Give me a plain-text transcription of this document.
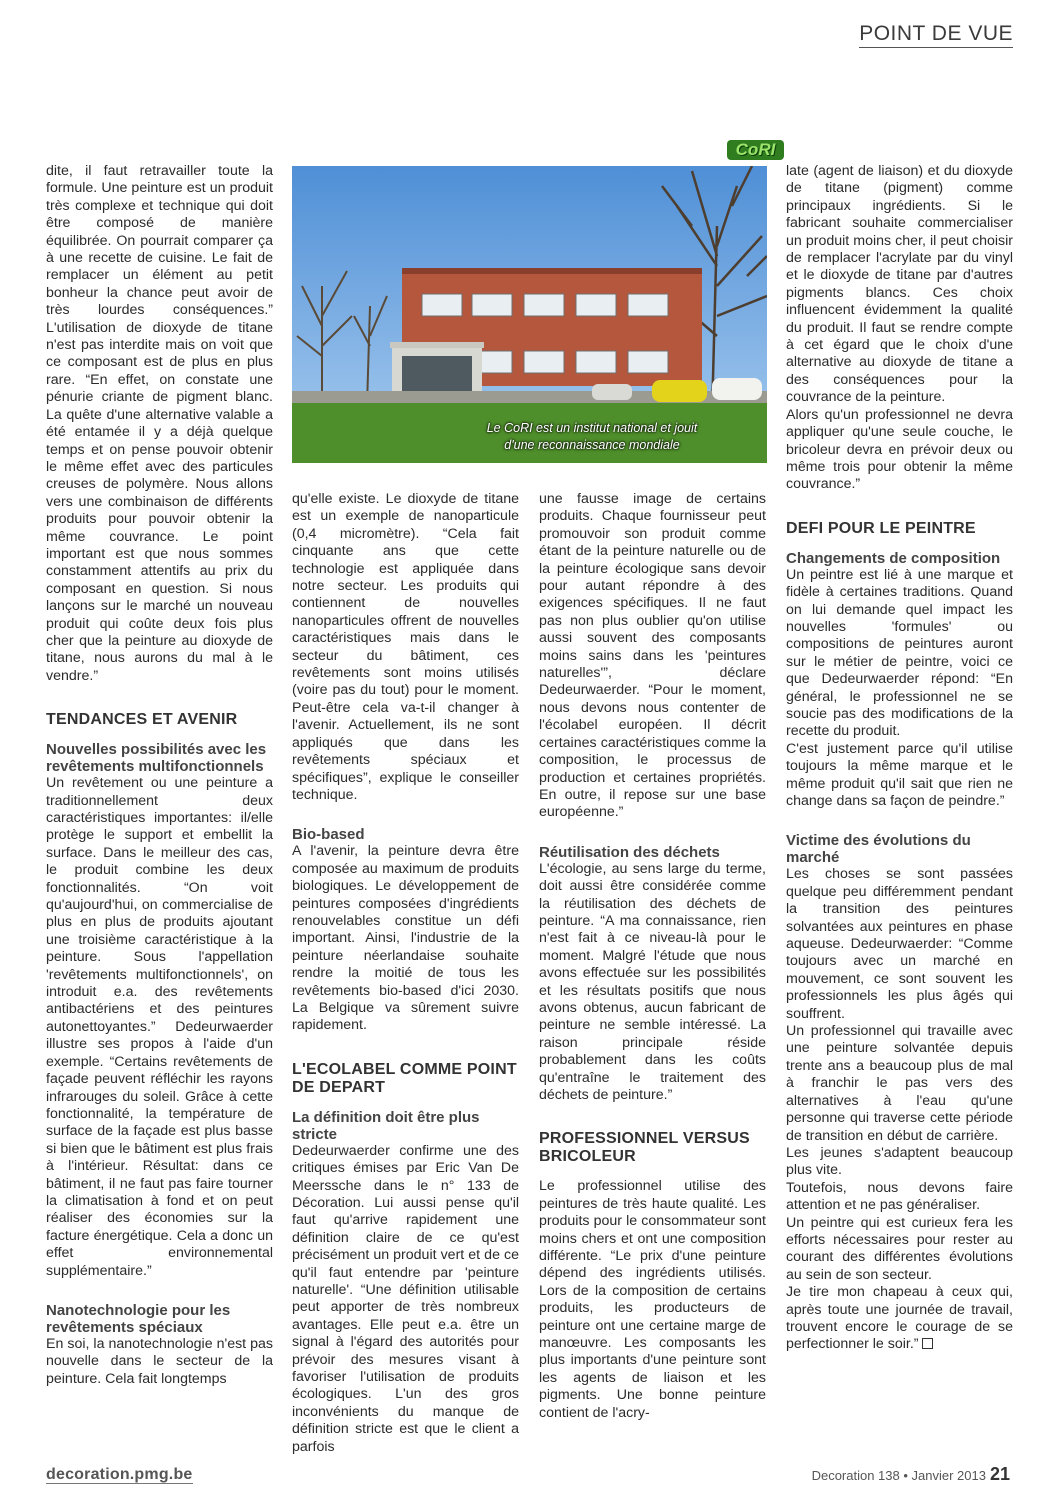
POINT DE VUE
CoRI
Le CoRI est un institut national et jouit
d'une reconnaissance mondiale

dite, il faut retravailler toute la formule. Une peinture est un produit très complexe et technique qui doit être composé de manière équilibrée. On pourrait comparer ça à une recette de cuisine. Le fait de remplacer un élément au petit bonheur la chance peut avoir de très lourdes conséquences.” L'utilisation de dioxyde de titane n'est pas interdite mais on voit que ce composant est de plus en plus rare. “En effet, on constate une pénurie criante de pigment blanc. La quête d'une alternative valable a été entamée il y a déjà quelque temps et on pense pouvoir obtenir le même effet avec des particules creuses de polymère. Nous allons vers une combinaison de différents produits pour pouvoir obtenir la même couvrance. Le point important est que nous sommes constamment attentifs au prix du composant en question. Si nous lançons sur le marché un nouveau produit qui coûte deux fois plus cher que la peinture au dioxyde de titane, nous aurons du mal à le vendre.”

TENDANCES ET AVENIR
Nouvelles possibilités avec les revêtements multifonctionnels

Un revêtement ou une peinture a traditionnellement deux caractéristiques importantes: il/elle protège le support et embellit la surface. Dans le meilleur des cas, le produit combine les deux fonctionnalités. “On voit qu'aujourd'hui, on commercialise de plus en plus de produits ajoutant une troisième caractéristique à la peinture. Sous l'appellation 'revêtements multifonctionnels', on introduit e.a. des revêtements antibactériens et des peintures autonettoyantes.” Dedeurwaerder illustre ses propos à l'aide d'un exemple. “Certains revêtements de façade peuvent réfléchir les rayons infrarouges du soleil. Grâce à cette fonctionnalité, la température de surface de la façade est plus basse si bien que le bâtiment est plus frais à l'intérieur. Résultat: dans ce bâtiment, il ne faut pas faire tourner la climatisation à fond et on peut réaliser des économies sur la facture énergétique. Cela a donc un effet environnemental supplémentaire.”

Nanotechnologie pour les revêtements spéciaux

En soi, la nanotechnologie n'est pas nouvelle dans le secteur de la peinture. Cela fait longtemps

qu'elle existe. Le dioxyde de titane est un exemple de nanoparticule (0,4 micromètre). “Cela fait cinquante ans que cette technologie est appliquée dans notre secteur. Les produits qui contiennent de nouvelles nanoparticules offrent de nouvelles caractéristiques mais dans le secteur du bâtiment, ces revêtements sont moins utilisés (voire pas du tout) pour le moment. Peut-être cela va-t-il changer à l'avenir. Actuellement, ils ne sont appliqués que dans les revêtements spéciaux et spécifiques”, explique le conseiller technique.

Bio-based

A l'avenir, la peinture devra être composée au maximum de produits biologiques. Le développement de peintures composées d'ingrédients renouvelables constitue un défi important. Ainsi, l'industrie de la peinture néerlandaise souhaite rendre la moitié de tous les revêtements bio-based d'ici 2030. La Belgique va sûrement suivre rapidement.

L'ECOLABEL COMME POINT DE DEPART
La définition doit être plus stricte

Dedeurwaerder confirme une des critiques émises par Eric Van De Meerssche dans le n° 133 de Décoration. Lui aussi pense qu'il faut qu'arrive rapidement une définition claire de ce qu'est précisément un produit vert et de ce qu'il faut entendre par 'peinture naturelle'. “Une définition utilisable peut apporter de très nombreux avantages. Elle peut e.a. être un signal à l'égard des autorités pour prévoir des mesures visant à favoriser l'utilisation de produits écologiques. L'un des gros inconvénients du manque de définition stricte est que le client a parfois

une fausse image de certains produits. Chaque fournisseur peut promouvoir son produit comme étant de la peinture naturelle ou de la peinture écologique sans devoir pour autant répondre à des exigences spécifiques. Il ne faut pas non plus oublier qu'on utilise aussi souvent des composants moins sains dans les 'peintures naturelles'”, déclare Dedeurwaerder. “Pour le moment, nous devons nous contenter de l'écolabel européen. Il décrit certaines caractéristiques comme la composition, le processus de production et certaines propriétés. En outre, il repose sur une base européenne.”

Réutilisation des déchets

L'écologie, au sens large du terme, doit aussi être considérée comme la réutilisation des déchets de peinture. “A ma connaissance, rien n'est fait à ce niveau-là pour le moment. Malgré l'étude que nous avons effectuée sur les possibilités et les résultats positifs que nous avons obtenus, aucun fabricant de peinture ne semble intéressé. La raison principale réside probablement dans les coûts qu'entraîne le traitement des déchets de peinture.”

PROFESSIONNEL VERSUS BRICOLEUR

Le professionnel utilise des peintures de très haute qualité. Les produits pour le consommateur sont moins chers et ont une composition différente. “Le prix d'une peinture dépend des ingrédients utilisés. Lors de la composition de certains produits, les producteurs de peinture ont une certaine marge de manœuvre. Les composants les plus importants d'une peinture sont les agents de liaison et les pigments. Une bonne peinture contient de l'acry-

late (agent de liaison) et du dioxyde de titane (pigment) comme principaux ingrédients. Si le fabricant souhaite commercialiser un produit moins cher, il peut choisir de remplacer l'acrylate par du vinyl et le dioxyde de titane par d'autres pigments blancs. Ces choix influencent évidemment la qualité du produit. Il faut se rendre compte à cet égard que le choix d'une alternative au dioxyde de titane a des conséquences pour la couvrance de la peinture.

Alors qu'un professionnel ne devra appliquer qu'une seule couche, le bricoleur devra en prévoir deux ou même trois pour obtenir la même couvrance.”

DEFI POUR LE PEINTRE
Changements de composition

Un peintre est lié à une marque et fidèle à certaines traditions. Quand on lui demande quel impact les nouvelles 'formules' ou compositions de peintures auront sur le métier de peintre, voici ce que Dedeurwaerder répond: “En général, le professionnel ne se soucie pas des modifications de la recette du produit.

C'est justement parce qu'il utilise toujours la même marque et le même produit qu'il sait que rien ne change dans sa façon de peindre.”

Victime des évolutions du marché

Les choses se sont passées quelque peu différemment pendant la transition des peintures solvantées aux peintures en phase aqueuse. Dedeurwaerder: “Comme toujours avec un marché en mouvement, ce sont souvent les professionnels les plus âgés qui souffrent.

Un professionnel qui travaille avec une peinture solvantée depuis trente ans a beaucoup plus de mal à franchir le pas vers des alternatives à l'eau qu'une personne qui traverse cette période de transition en début de carrière.

Les jeunes s'adaptent beaucoup plus vite.

Toutefois, nous devons faire attention et ne pas généraliser.

Un peintre qui est curieux fera les efforts nécessaires pour rester au courant des différentes évolutions au sein de son secteur.

Je tire mon chapeau à ceux qui, après toute une journée de travail, trouvent encore le courage de se perfectionner le soir.”

decoration.pmg.be	Decoration 138 • Janvier 2013 21
